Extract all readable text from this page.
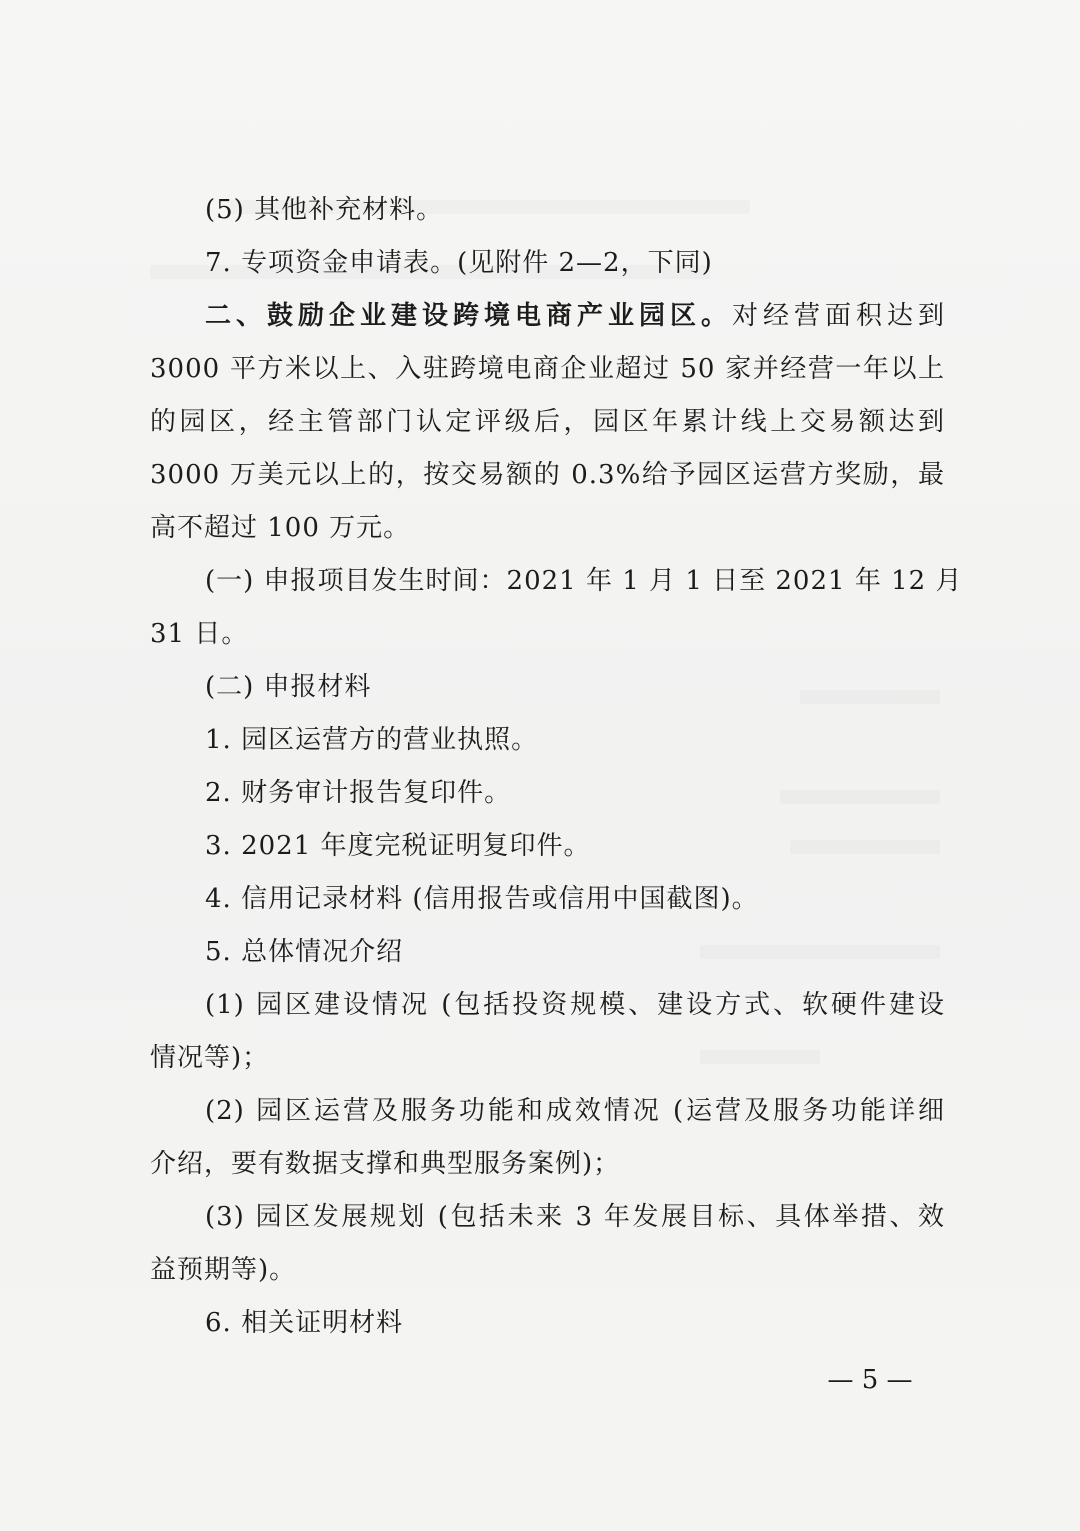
(5) 其他补充材料。
7. 专项资金申请表。(见附件 2—2，下同)
二、鼓励企业建设跨境电商产业园区。对经营面积达到
3000 平方米以上、入驻跨境电商企业超过 50 家并经营一年以上
的园区，经主管部门认定评级后，园区年累计线上交易额达到
3000 万美元以上的，按交易额的 0.3%给予园区运营方奖励，最
高不超过 100 万元。
(一) 申报项目发生时间：2021 年 1 月 1 日至 2021 年 12 月
31 日。
(二) 申报材料
1. 园区运营方的营业执照。
2. 财务审计报告复印件。
3. 2021 年度完税证明复印件。
4. 信用记录材料 (信用报告或信用中国截图)。
5. 总体情况介绍
(1) 园区建设情况 (包括投资规模、建设方式、软硬件建设
情况等)；
(2) 园区运营及服务功能和成效情况 (运营及服务功能详细
介绍，要有数据支撑和典型服务案例)；
(3) 园区发展规划 (包括未来 3 年发展目标、具体举措、效
益预期等)。
6. 相关证明材料
— 5 —
